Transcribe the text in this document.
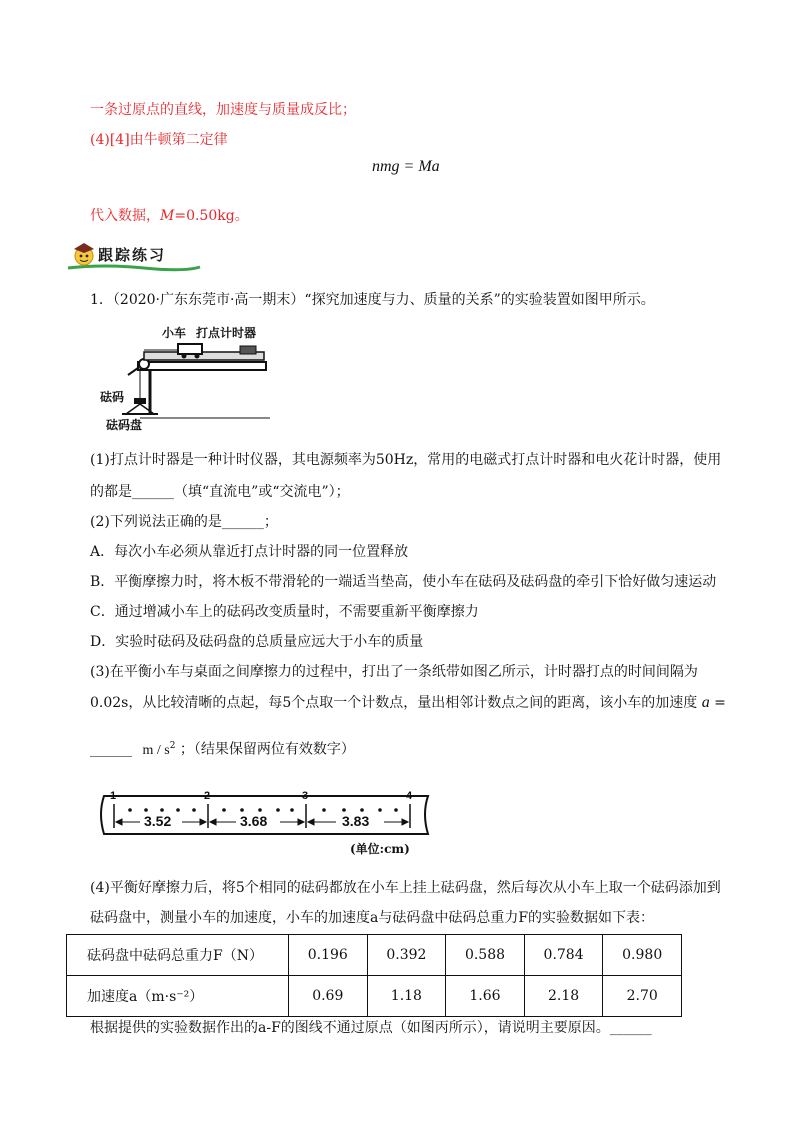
一条过原点的直线，加速度与质量成反比；
(4)[4]由牛顿第二定律
nmg = Ma
代入数据，M=0.50kg。
跟踪练习
1．（2020·广东东莞市·高一期末）“探究加速度与力、质量的关系”的实验装置如图甲所示。
小车 打点计时器
砝码
砝码盘
(1)打点计时器是一种计时仪器，其电源频率为50Hz，常用的电磁式打点计时器和电火花计时器，使用
的都是______（填“直流电”或“交流电”）；
(2)下列说法正确的是______；
A．每次小车必须从靠近打点计时器的同一位置释放
B．平衡摩擦力时，将木板不带滑轮的一端适当垫高，使小车在砝码及砝码盘的牵引下恰好做匀速运动
C．通过增减小车上的砝码改变质量时，不需要重新平衡摩擦力
D．实验时砝码及砝码盘的总质量应远大于小车的质量
(3)在平衡小车与桌面之间摩擦力的过程中，打出了一条纸带如图乙所示，计时器打点的时间间隔为
0.02s，从比较清晰的点起，每5个点取一个计数点，量出相邻计数点之间的距离，该小车的加速度 a =
______ m / $s^2$ ；（结果保留两位有效数字）
1	2	3	4
3.52	3.68	3.83
(单位:cm)
(4)平衡好摩擦力后，将5个相同的砝码都放在小车上挂上砝码盘，然后每次从小车上取一个砝码添加到
砝码盘中，测量小车的加速度，小车的加速度a与砝码盘中砝码总重力F的实验数据如下表：
砝码盘中砝码总重力F（N）	0.196	0.392	0.588	0.784	0.980
加速度a（m·s⁻²）	0.69	1.18	1.66	2.18	2.70
根据提供的实验数据作出的a-F的图线不通过原点（如图丙所示），请说明主要原因。______
